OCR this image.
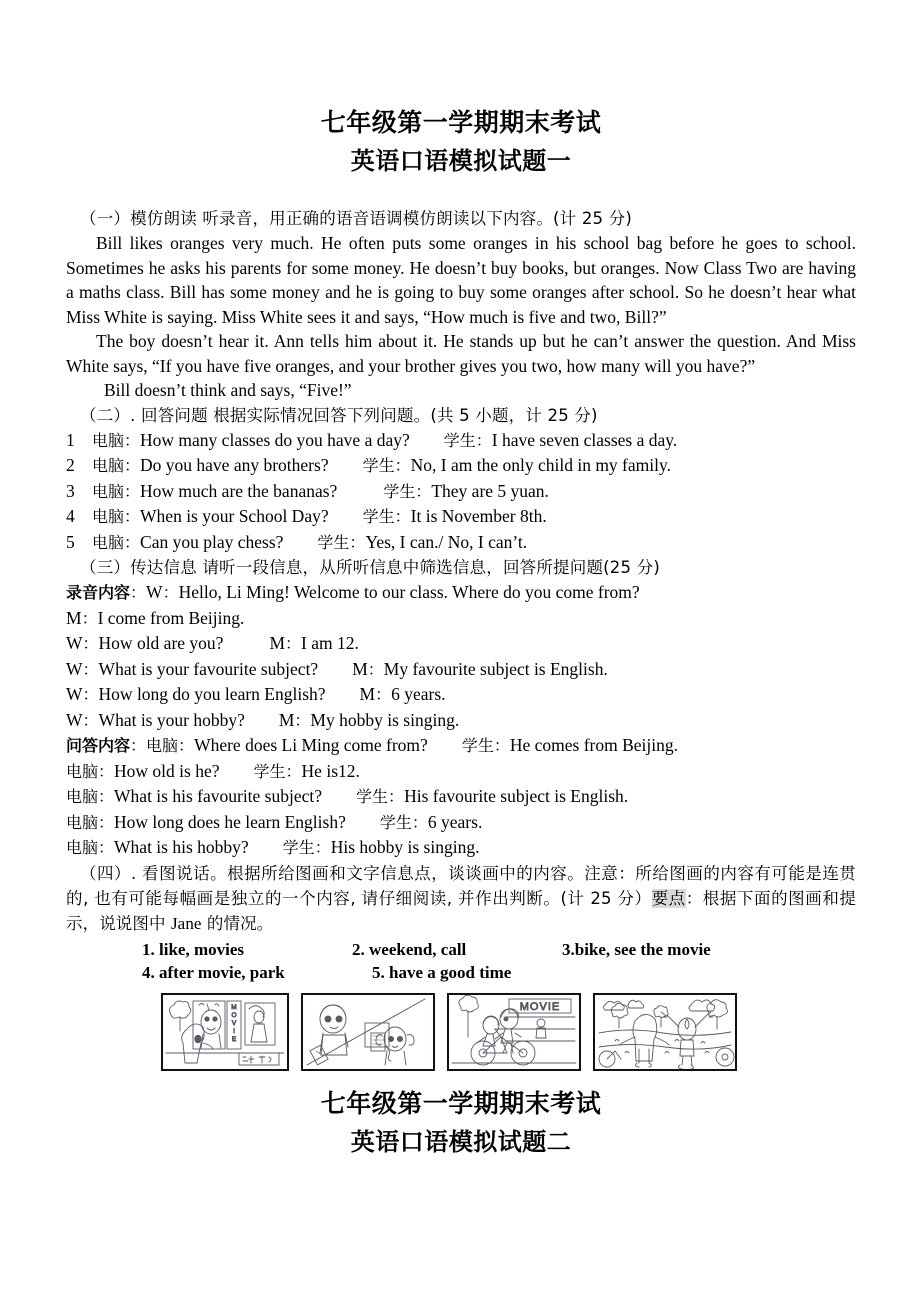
七年级第一学期期末考试
英语口语模拟试题一
（一）模仿朗读 听录音，用正确的语音语调模仿朗读以下内容。(计 25 分)

Bill likes oranges very much. He often puts some oranges in his school bag before he goes to school. Sometimes he asks his parents for some money. He doesn’t buy books, but oranges. Now Class Two are having a maths class. Bill has some money and he is going to buy some oranges after school. So he doesn’t hear what Miss White is saying. Miss White sees it and says, “How much is five and two, Bill?”

The boy doesn’t hear it. Ann tells him about it. He stands up but he can’t answer the question. And Miss White says, “If you have five oranges, and your brother gives you two, how many will you have?”

Bill doesn’t think and says, “Five!”

（二）. 回答问题 根据实际情况回答下列问题。(共 5 小题，计 25 分)
1 电脑：How many classes do you have a day? 学生：I have seven classes a day.
2 电脑：Do you have any brothers? 学生：No, I am the only child in my family.
3 电脑：How much are the bananas?	学生：They are 5 yuan.
4 电脑：When is your School Day? 学生：It is November 8th.
5 电脑：Can you play chess? 学生：Yes, I can./ No, I can’t.
（三）传达信息 请听一段信息，从所听信息中筛选信息，回答所提问题(25 分)
录音内容：W：Hello, Li Ming! Welcome to our class. Where do you come from?
M：I come from Beijing.
W：How old are you?	M：I am 12.
W：What is your favourite subject? M：My favourite subject is English.
W：How long do you learn English? M：6 years.
W：What is your hobby? M：My hobby is singing.
问答内容：电脑：Where does Li Ming come from? 学生：He comes from Beijing.
电脑：How old is he? 学生：He is12.
电脑：What is his favourite subject? 学生：His favourite subject is English.
电脑：How long does he learn English? 学生：6 years.
电脑：What is his hobby? 学生：His hobby is singing.
（四）. 看图说话。根据所给图画和文字信息点，谈谈画中的内容。注意：所给图画的内容有可能是连贯的, 也有可能每幅画是独立的一个内容, 请仔细阅读, 并作出判断。(计 25 分）要点：根据下面的图画和提示，说说图中 Jane 的情况。
1. like, movies	2. weekend, call	3.bike, see the movie
4. after movie, park	5. have a good time
M
O
V
I
E
MOVIE
七年级第一学期期末考试
英语口语模拟试题二
